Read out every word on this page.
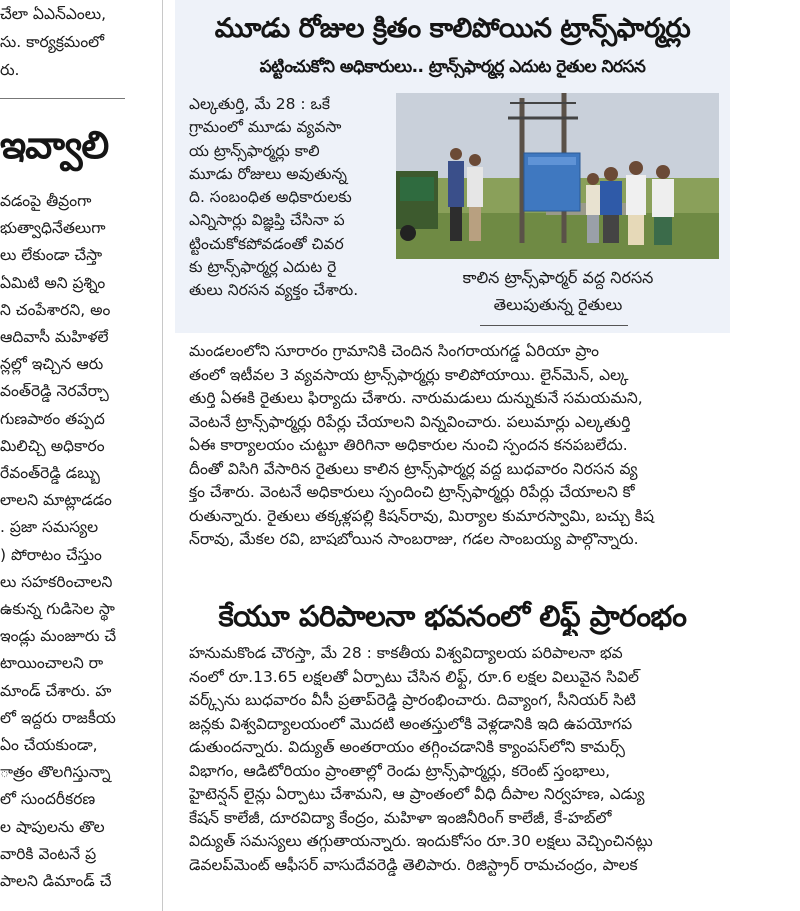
చేలా ఏఎన్ఎంలు,
సు. కార్యక్రమంలో
రు.
ఇవ్వాలి
వడంపై తీవ్రంగా
భుత్వాధినేతలుగా
లు లేకుండా చేస్తా
ఏమిటి అని ప్రశ్నిం
ని చంపేశారని, అం
ఆదివాసీ మహిళలే
న్లల్లో ఇచ్చిన ఆరు
వంత్‌రెడ్డి నెరవేర్చా
గుణపాఠం తప్పద
మిలిచ్చి అధికారం
రేవంత్‌రెడ్డి డబ్బు
లాలని మాట్లాడడం
. ప్రజా సమస్యల
) పోరాటం చేస్తుం
లు సహకరించాలని
ఉకున్న గుడిసెల స్థా
ఇండ్లు మంజూరు చే
టాయించాలని రా
మాండ్ చేశారు. హ
లో ఇద్దరు రాజకీయ
ఏం చేయకుండా,
ాత్రం తొలగిస్తున్నా
లో సుందరీకరణ
ల షాపులను తొల
వారికి వెంటనే ప్ర
పాలని డిమాండ్ చే
మూడు రోజుల క్రితం కాలిపోయిన ట్రాన్స్‌ఫార్మర్లు
పట్టించుకోని అధికారులు.. ట్రాన్స్‌ఫార్మర్ల ఎదుట రైతుల నిరసన
కాలిన ట్రాన్స్‌ఫార్మర్ వద్ద నిరసన
తెలుపుతున్న రైతులు
ఎల్కతుర్తి, మే 28 : ఒకే
గ్రామంలో మూడు వ్యవసా
య ట్రాన్స్‌ఫార్మర్లు కాలి
మూడు రోజులు అవుతున్న
ది. సంబంధిత అధికారులకు
ఎన్నిసార్లు విజ్ఞప్తి చేసినా ప
ట్టించుకోకపోవడంతో చివర
కు ట్రాన్స్‌ఫార్మర్ల ఎదుట రై
తులు నిరసన వ్యక్తం చేశారు.
మండలంలోని సూరారం గ్రామానికి చెందిన సింగరాయగడ్డ ఏరియా ప్రాం
తంలో ఇటీవల 3 వ్యవసాయ ట్రాన్స్‌ఫార్మర్లు కాలిపోయాయి. లైన్‌మెన్, ఎల్క
తుర్తి ఏఈకి రైతులు ఫిర్యాదు చేశారు. నారుమడులు దున్నుకునే సమయమని,
వెంటనే ట్రాన్స్‌ఫార్మర్లు రిపేర్లు చేయాలని విన్నవించారు. పలుమార్లు ఎల్కతుర్తి
ఏఈ కార్యాలయం చుట్టూ తిరిగినా అధికారుల నుంచి స్పందన కనపబలేదు.
దీంతో విసిగి వేసారిన రైతులు కాలిన ట్రాన్స్‌ఫార్మర్ల వద్ద బుధవారం నిరసన వ్య
క్తం చేశారు. వెంటనే అధికారులు స్పందించి ట్రాన్స్‌ఫార్మర్లు రిపేర్లు చేయాలని కో
రుతున్నారు. రైతులు తక్కళ్లపల్లి కిషన్‌రావు, మిర్యాల కుమారస్వామి, బచ్చు కిష
న్‌రావు, మేకల రవి, బాషబోయిన సాంబరాజు, గడల సాంబయ్య పాల్గొన్నారు.
కేయూ పరిపాలనా భవనంలో లిఫ్ట్ ప్రారంభం
హనుమకొండ చౌరస్తా, మే 28 : కాకతీయ విశ్వవిద్యాలయ పరిపాలనా భవ
నంలో రూ.13.65 లక్షలతో ఏర్పాటు చేసిన లిఫ్ట్, రూ.6 లక్షల విలువైన సివిల్
వర్క్స్‌ను బుధవారం వీసీ ప్రతాప్‌రెడ్డి ప్రారంభించారు. దివ్యాంగ, సీనియర్ సిటి
జన్లకు విశ్వవిద్యాలయంలో మొదటి అంతస్తులోకి వెళ్లడానికి ఇది ఉపయోగప
డుతుందన్నారు. విద్యుత్ అంతరాయం తగ్గించడానికి క్యాంపస్‌లోని కామర్స్
విభాగం, ఆడిటోరియం ప్రాంతాల్లో రెండు ట్రాన్స్‌ఫార్మర్లు, కరెంట్ స్తంభాలు,
హైటెన్షన్ లైన్లు ఏర్పాటు చేశామని, ఆ ప్రాంతంలో వీధి దీపాల నిర్వహణ, ఎడ్యు
కేషన్ కాలేజీ, దూరవిద్యా కేంద్రం, మహిళా ఇంజినీరింగ్ కాలేజీ, కే-హబ్‌లో
విద్యుత్ సమస్యలు తగ్గుతాయన్నారు. ఇందుకోసం రూ.30 లక్షలు వెచ్చించినట్లు
డెవలప్‌మెంట్ ఆఫీసర్ వాసుదేవరెడ్డి తెలిపారు. రిజిస్ట్రార్ రామచంద్రం, పాలక
